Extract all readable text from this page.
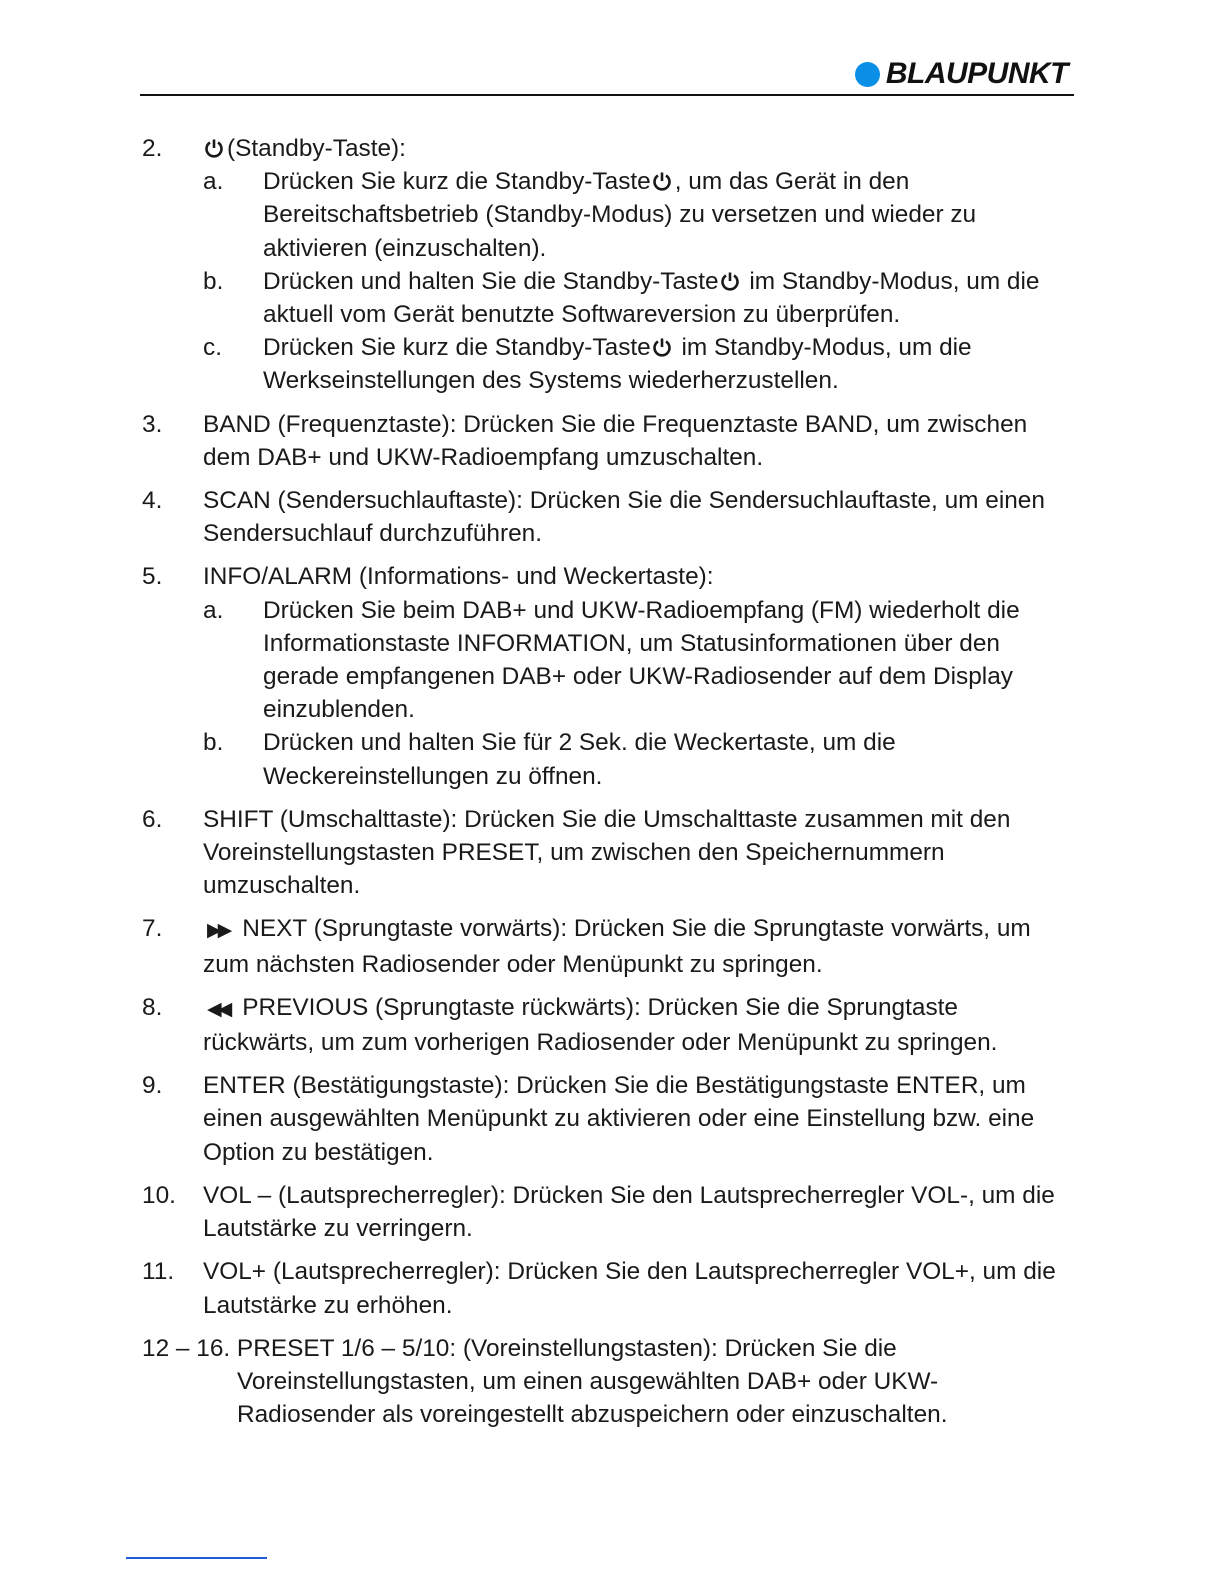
BLAUPUNKT
2.	(Standby-Taste):
a. Drücken Sie kurz die Standby-Taste , um das Gerät in den Bereitschaftsbetrieb (Standby-Modus) zu versetzen und wieder zu aktivieren (einzuschalten).
b. Drücken und halten Sie die Standby-Taste im Standby-Modus, um die aktuell vom Gerät benutzte Softwareversion zu überprüfen.
c. Drücken Sie kurz die Standby-Taste im Standby-Modus, um die Werkseinstellungen des Systems wiederherzustellen.
3. BAND (Frequenztaste): Drücken Sie die Frequenztaste BAND, um zwischen dem DAB+ und UKW-Radioempfang umzuschalten.
4. SCAN (Sendersuchlauftaste): Drücken Sie die Sendersuchlauftaste, um einen Sendersuchlauf durchzuführen.
5. INFO/ALARM (Informations- und Weckertaste):
a. Drücken Sie beim DAB+ und UKW-Radioempfang (FM) wiederholt die Informationstaste INFORMATION, um Statusinformationen über den gerade empfangenen DAB+ oder UKW-Radiosender auf dem Display einzublenden.
b. Drücken und halten Sie für 2 Sek. die Weckertaste, um die Weckereinstellungen zu öffnen.
6. SHIFT (Umschalttaste): Drücken Sie die Umschalttaste zusammen mit den Voreinstellungstasten PRESET, um zwischen den Speichernummern umzuschalten.
7. ▶▶ NEXT (Sprungtaste vorwärts): Drücken Sie die Sprungtaste vorwärts, um zum nächsten Radiosender oder Menüpunkt zu springen.
8. ◀◀ PREVIOUS (Sprungtaste rückwärts): Drücken Sie die Sprungtaste rückwärts, um zum vorherigen Radiosender oder Menüpunkt zu springen.
9. ENTER (Bestätigungstaste): Drücken Sie die Bestätigungstaste ENTER, um einen ausgewählten Menüpunkt zu aktivieren oder eine Einstellung bzw. eine Option zu bestätigen.
10. VOL – (Lautsprecherregler): Drücken Sie den Lautsprecherregler VOL-, um die Lautstärke zu verringern.
11. VOL+ (Lautsprecherregler): Drücken Sie den Lautsprecherregler VOL+, um die Lautstärke zu erhöhen.
12 – 16. PRESET 1/6 – 5/10: (Voreinstellungstasten): Drücken Sie die
Voreinstellungstasten, um einen ausgewählten DAB+ oder UKW-Radiosender als voreingestellt abzuspeichern oder einzuschalten.
